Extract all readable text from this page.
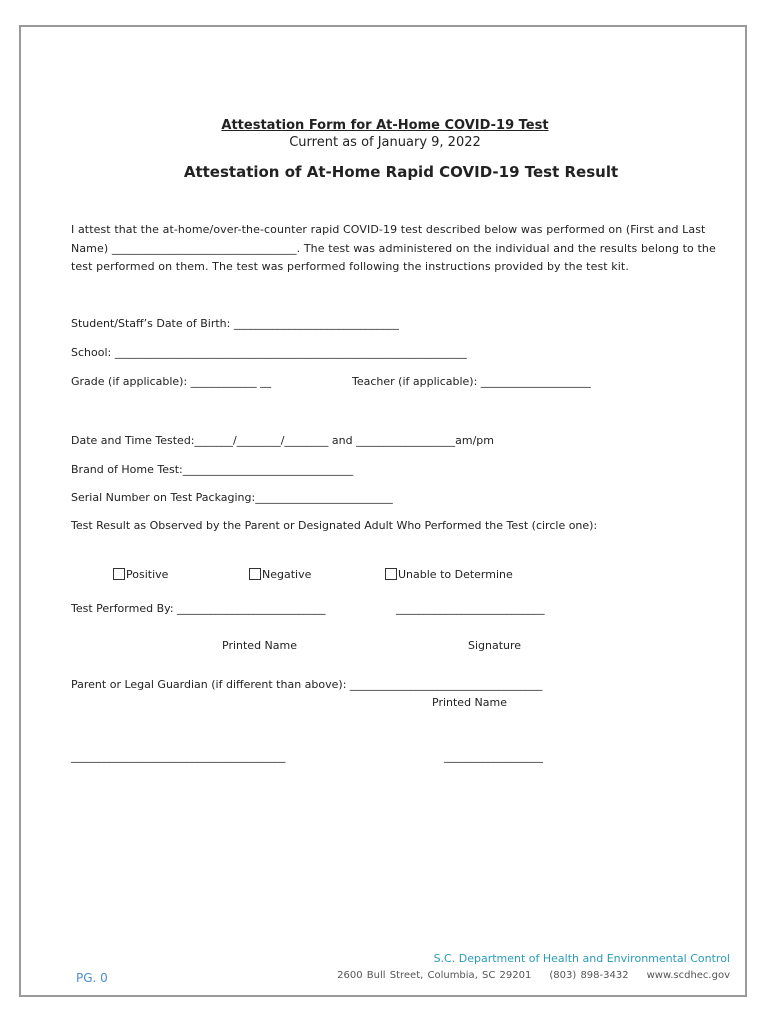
Attestation Form for At-Home COVID-19 Test
Current as of January 9, 2022
Attestation of At-Home Rapid COVID-19 Test Result
I attest that the at-home/over-the-counter rapid COVID-19 test described below was performed on (First and Last Name) _________________________________. The test was administered on the individual and the results belong to the test performed on them. The test was performed following the instructions provided by the test kit.
Student/Staff’s Date of Birth: ______________________________
School: ________________________________________________________________
Grade (if applicable): ____________ __	Teacher (if applicable): ____________________
Date and Time Tested:_______/________/________ and __________________am/pm
Brand of Home Test:_______________________________
Serial Number on Test Packaging:_________________________
Test Result as Observed by the Parent or Designated Adult Who Performed the Test (circle one):
Positive	Negative	Unable to Determine
Test Performed By: ___________________________	___________________________
Printed Name	Signature
Parent or Legal Guardian (if different than above): ___________________________________
Printed Name
_______________________________________	__________________
S.C. Department of Health and Environmental Control
2600 Bull Street, Columbia, SC 29201 (803) 898-3432 www.scdhec.gov
PG. 0
